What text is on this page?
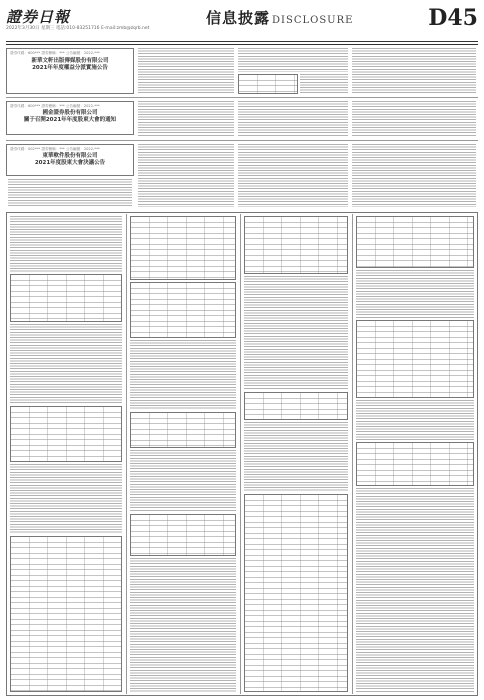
證券日報
2022年3月30日 星期三 電話:010-83251716 E-mail:zmb@zqrb.net
信息披露 DISCLOSURE	D45
證券代碼：600*** 證券簡稱：*** 公告編號：2022-***
新華文軒出版傳媒股份有限公司
2021年年度權益分派實施公告
證券代碼：600*** 證券簡稱：*** 公告編號：2022-***
國金證券股份有限公司
關于召開2021年年度股東大會的通知
證券代碼：002*** 證券簡稱：*** 公告編號：2022-***
東華軟件股份有限公司
2021年度股東大會決議公告
